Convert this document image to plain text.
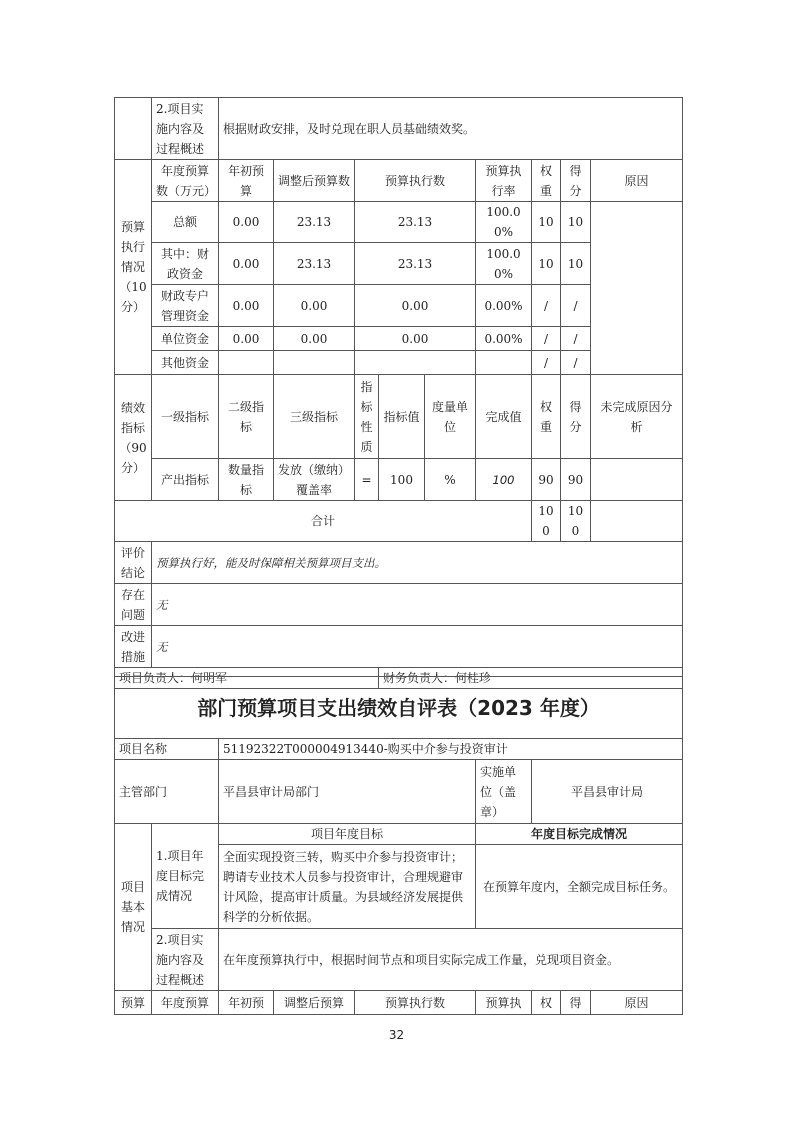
	2.项目实施内容及过程概述	根据财政安排，及时兑现在职人员基础绩效奖。								
预算执行情况（10分）	年度预算数（万元）	年初预算	调整后预算数	预算执行数			预算执行率	权重	得分	原因
	总额	0.00	23.13	23.13			100.00%	10	10	
	其中：财政资金	0.00	23.13	23.13			100.00%	10	10	
	财政专户管理资金	0.00	0.00	0.00			0.00%	/	/	
	单位资金	0.00	0.00	0.00			0.00%	/	/	
	其他资金							/	/	
绩效指标（90分）	一级指标	二级指标	三级指标	指标性质	指标值	度量单位	完成值	权重	得分	未完成原因分析
	产出指标	数量指标	发放（缴纳）覆盖率	=	100	%	100	90	90	
合计								100	100	
评价结论	预算执行好，能及时保障相关预算项目支出。									
存在问题	无									
改进措施	无									
项目负责人：何明军					财务负责人：何桂珍					
部门预算项目支出绩效自评表（2023 年度）								
项目名称		51192322T000004913440-购买中介参与投资审计						
主管部门		平昌县审计局部门			实施单位（盖章）	平昌县审计局		
项目基本情况	1.项目年度目标完成情况	项目年度目标			年度目标完成情况			
		全面实现投资三转，购买中介参与投资审计；聘请专业技术人员参与投资审计，合理规避审计风险，提高审计质量。为县域经济发展提供科学的分析依据。			在预算年度内，全额完成目标任务。			
	2.项目实施内容及过程概述	在年度预算执行中，根据时间节点和项目实际完成工作量，兑现项目资金。						
预算	年度预算	年初预	调整后预算	预算执行数	预算执	权	得	原因
32
